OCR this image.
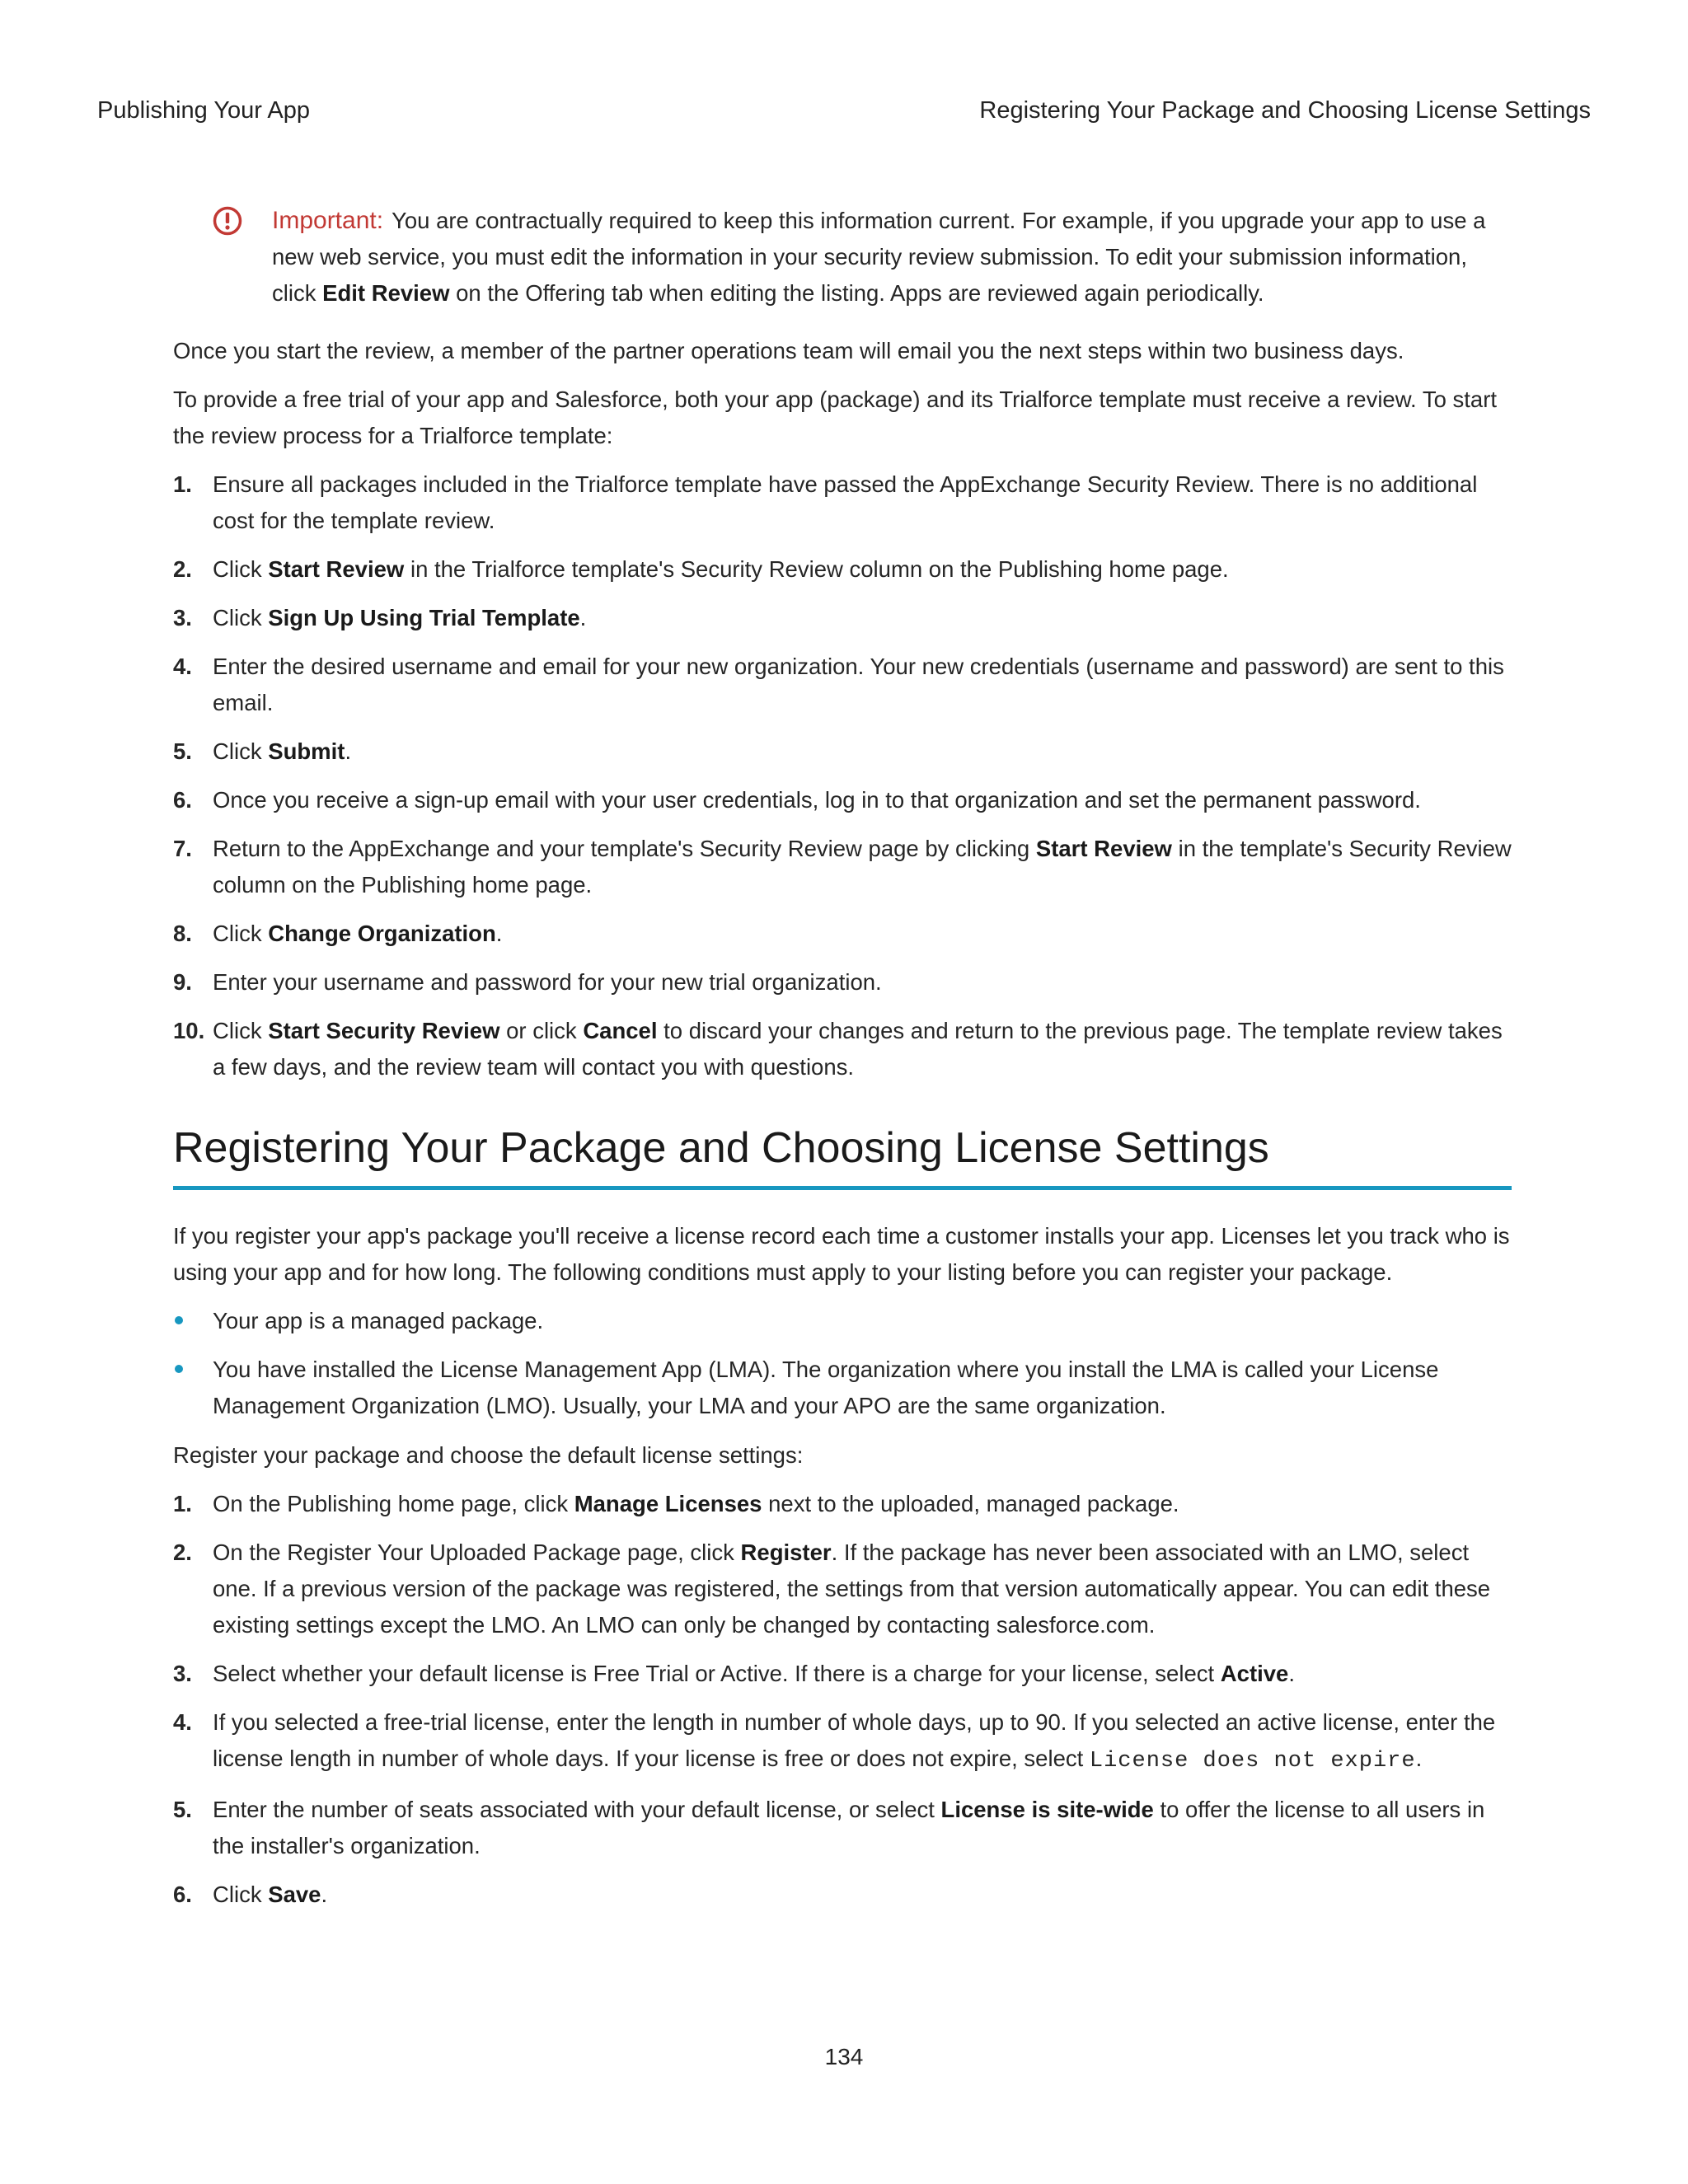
Publishing Your App	Registering Your Package and Choosing License Settings
Important: You are contractually required to keep this information current. For example, if you upgrade your app to use a new web service, you must edit the information in your security review submission. To edit your submission information, click Edit Review on the Offering tab when editing the listing. Apps are reviewed again periodically.

Once you start the review, a member of the partner operations team will email you the next steps within two business days.

To provide a free trial of your app and Salesforce, both your app (package) and its Trialforce template must receive a review. To start the review process for a Trialforce template:

1. Ensure all packages included in the Trialforce template have passed the AppExchange Security Review. There is no additional cost for the template review.
2. Click Start Review in the Trialforce template's Security Review column on the Publishing home page.
3. Click Sign Up Using Trial Template.
4. Enter the desired username and email for your new organization. Your new credentials (username and password) are sent to this email.
5. Click Submit.
6. Once you receive a sign-up email with your user credentials, log in to that organization and set the permanent password.
7. Return to the AppExchange and your template's Security Review page by clicking Start Review in the template's Security Review column on the Publishing home page.
8. Click Change Organization.
9. Enter your username and password for your new trial organization.
10. Click Start Security Review or click Cancel to discard your changes and return to the previous page. The template review takes a few days, and the review team will contact you with questions.
Registering Your Package and Choosing License Settings

If you register your app's package you'll receive a license record each time a customer installs your app. Licenses let you track who is using your app and for how long. The following conditions must apply to your listing before you can register your package.

Your app is a managed package.
You have installed the License Management App (LMA). The organization where you install the LMA is called your License Management Organization (LMO). Usually, your LMA and your APO are the same organization.

Register your package and choose the default license settings:

1. On the Publishing home page, click Manage Licenses next to the uploaded, managed package.
2. On the Register Your Uploaded Package page, click Register. If the package has never been associated with an LMO, select one. If a previous version of the package was registered, the settings from that version automatically appear. You can edit these existing settings except the LMO. An LMO can only be changed by contacting salesforce.com.
3. Select whether your default license is Free Trial or Active. If there is a charge for your license, select Active.
4. If you selected a free-trial license, enter the length in number of whole days, up to 90. If you selected an active license, enter the license length in number of whole days. If your license is free or does not expire, select License does not expire.
5. Enter the number of seats associated with your default license, or select License is site-wide to offer the license to all users in the installer's organization.
6. Click Save.
134
